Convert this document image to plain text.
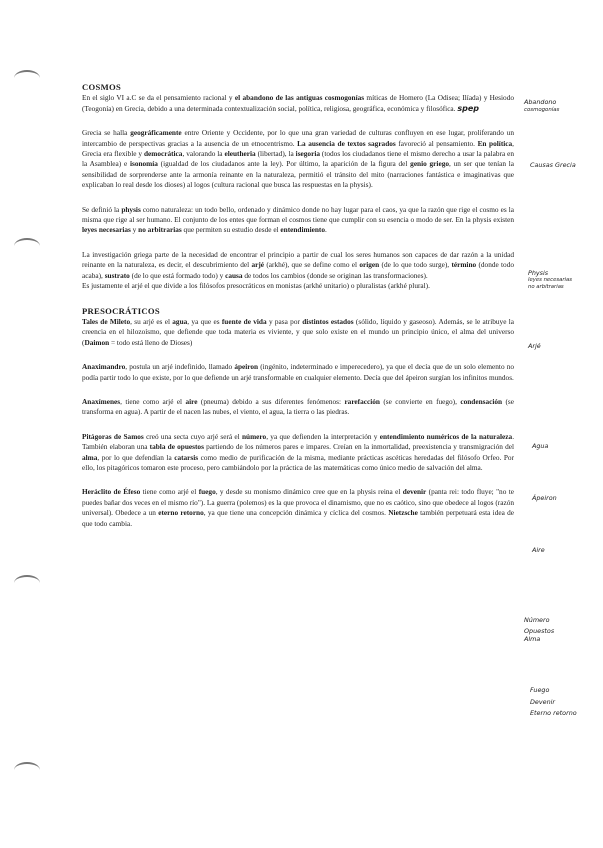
COSMOS
En el siglo VI a.C se da el pensamiento racional y el abandono de las antiguas cosmogonías míticas de Homero (La Odisea; Ilíada) y Hesiodo (Teogonía) en Grecia, debido a una determinada contextualización social, política, religiosa, geográfica, económica y filosófica. spep
Grecia se halla geográficamente entre Oriente y Occidente, por lo que una gran variedad de culturas confluyen en ese lugar, proliferando un intercambio de perspectivas gracias a la ausencia de un etnocentrismo. La ausencia de textos sagrados favoreció al pensamiento. En política, Grecia era flexible y democrática, valorando la eleutheria (libertad), la isegoria (todos los ciudadanos tiene el mismo derecho a usar la palabra en la Asamblea) e isonomía (igualdad de los ciudadanos ante la ley). Por último, la aparición de la figura del genio griego, un ser que tenían la sensibilidad de sorprenderse ante la armonía reinante en la naturaleza, permitió el tránsito del mito (narraciones fantástica e imaginativas que explicaban lo real desde los dioses) al logos (cultura racional que busca las respuestas en la physis).
Se definió la physis como naturaleza: un todo bello, ordenado y dinámico donde no hay lugar para el caos, ya que la razón que rige el cosmo es la misma que rige al ser humano. El conjunto de los entes que forman el cosmos tiene que cumplir con su esencia o modo de ser. En la physis existen leyes necesarias y no arbitrarias que permiten su estudio desde el entendimiento.
La investigación griega parte de la necesidad de encontrar el principio a partir de cual los seres humanos son capaces de dar razón a la unidad reinante en la naturaleza, es decir, el descubrimiento del arjé (arkhé), que se define como el origen (de lo que todo surge), término (donde todo acaba), sustrato (de lo que está formado todo) y causa de todos los cambios (donde se originan las transformaciones).
Es justamente el arjé el que divide a los filósofos presocráticos en monistas (arkhé unitario) o pluralistas (arkhé plural).
PRESOCRÁTICOS
Tales de Mileto, su arjé es el agua, ya que es fuente de vida y pasa por distintos estados (sólido, líquido y gaseoso). Además, se le atribuye la creencia en el hilozoísmo, que defiende que toda materia es viviente, y que solo existe en el mundo un principio único, el alma del universo (Daimon = todo está lleno de Dioses)
Anaximandro, postula un arjé indefinido, llamado ápeiron (ingénito, indeterminado e imperecedero), ya que el decía que de un solo elemento no podía partir todo lo que existe, por lo que defiende un arjé transformable en cualquier elemento. Decía que del ápeiron surgían los infinitos mundos.
Anaxímenes, tiene como arjé el aire (pneuma) debido a sus diferentes fenómenos: rarefacción (se convierte en fuego), condensación (se transforma en agua). A partir de el nacen las nubes, el viento, el agua, la tierra o las piedras.
Pitágoras de Samos creó una secta cuyo arjé será el número, ya que defienden la interpretación y entendimiento numéricos de la naturaleza. También elaboran una tabla de opuestos partiendo de los números pares e impares. Creían en la inmortalidad, preexistencia y transmigración del alma, por lo que defendían la catarsis como medio de purificación de la misma, mediante prácticas ascéticas heredadas del filósofo Orfeo. Por ello, los pitagóricos tomaron este proceso, pero cambiándolo por la práctica de las matemáticas como único medio de salvación del alma.
Heráclito de Éfeso tiene como arjé el fuego, y desde su monismo dinámico cree que en la physis reina el devenir (panta rei: todo fluye; "no te puedes bañar dos veces en el mismo río"). La guerra (polemos) es la que provoca el dinamismo, que no es caótico, sino que obedece al logos (razón universal). Obedece a un eterno retorno, ya que tiene una concepción dinámica y cíclica del cosmos. Nietzsche también perpetuará esta idea de que todo cambia.
Abandono
cosmogonías
Causas Grecia
Physis
leyes necesarias
no arbitrarias
Arjé
Agua
Ápeiron
Aire
Número
Opuestos
Alma
Fuego
Devenir
Eterno retorno
